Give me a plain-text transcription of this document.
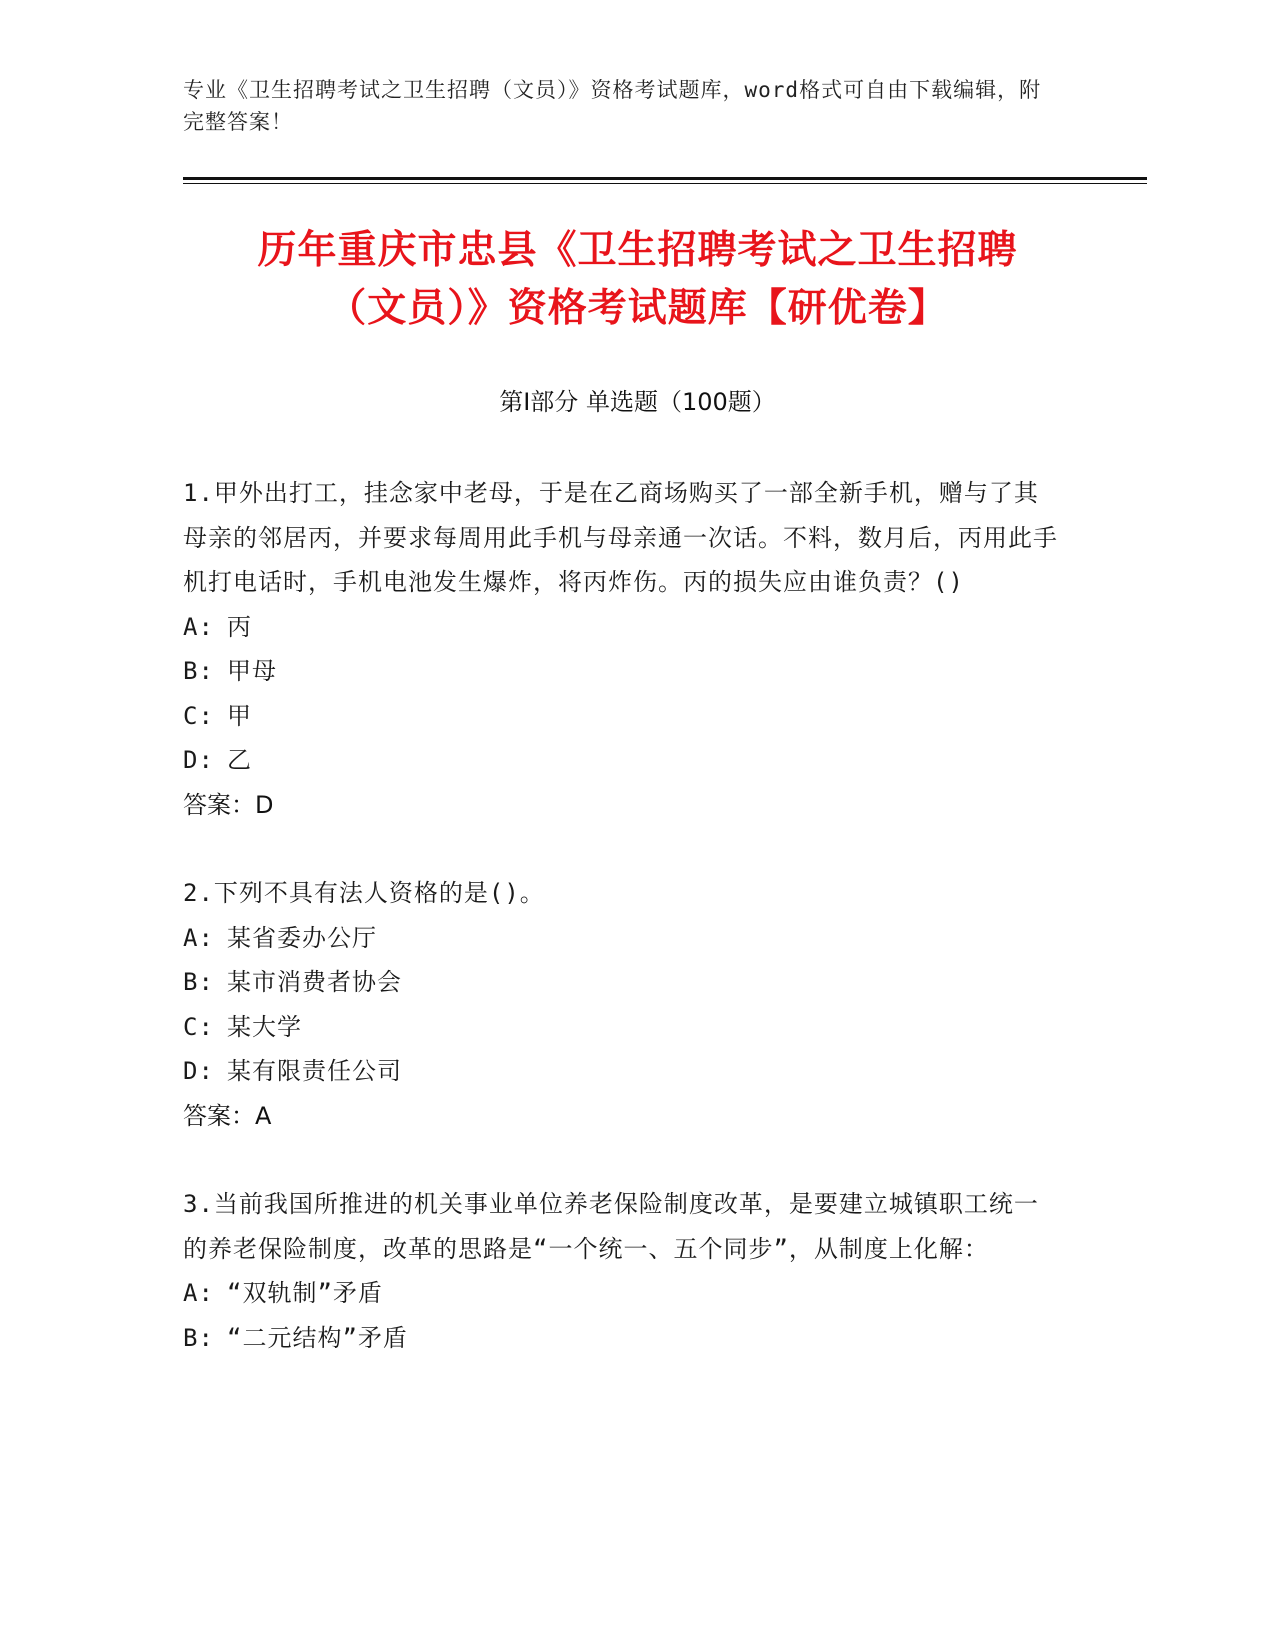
专业《卫生招聘考试之卫生招聘（文员）》资格考试题库，word格式可自由下载编辑，附完整答案！
历年重庆市忠县《卫生招聘考试之卫生招聘
（文员）》资格考试题库【研优卷】
第Ⅰ部分 单选题（100题）

1.甲外出打工，挂念家中老母，于是在乙商场购买了一部全新手机，赠与了其母亲的邻居丙，并要求每周用此手机与母亲通一次话。不料，数月后，丙用此手机打电话时，手机电池发生爆炸，将丙炸伤。丙的损失应由谁负责？()

A: 丙
B: 甲母
C: 甲
D: 乙
答案：D

2.下列不具有法人资格的是()。

A: 某省委办公厅
B: 某市消费者协会
C: 某大学
D: 某有限责任公司
答案：A

3.当前我国所推进的机关事业单位养老保险制度改革，是要建立城镇职工统一的养老保险制度，改革的思路是“一个统一、五个同步”，从制度上化解：

A: “双轨制”矛盾
B: “二元结构”矛盾
